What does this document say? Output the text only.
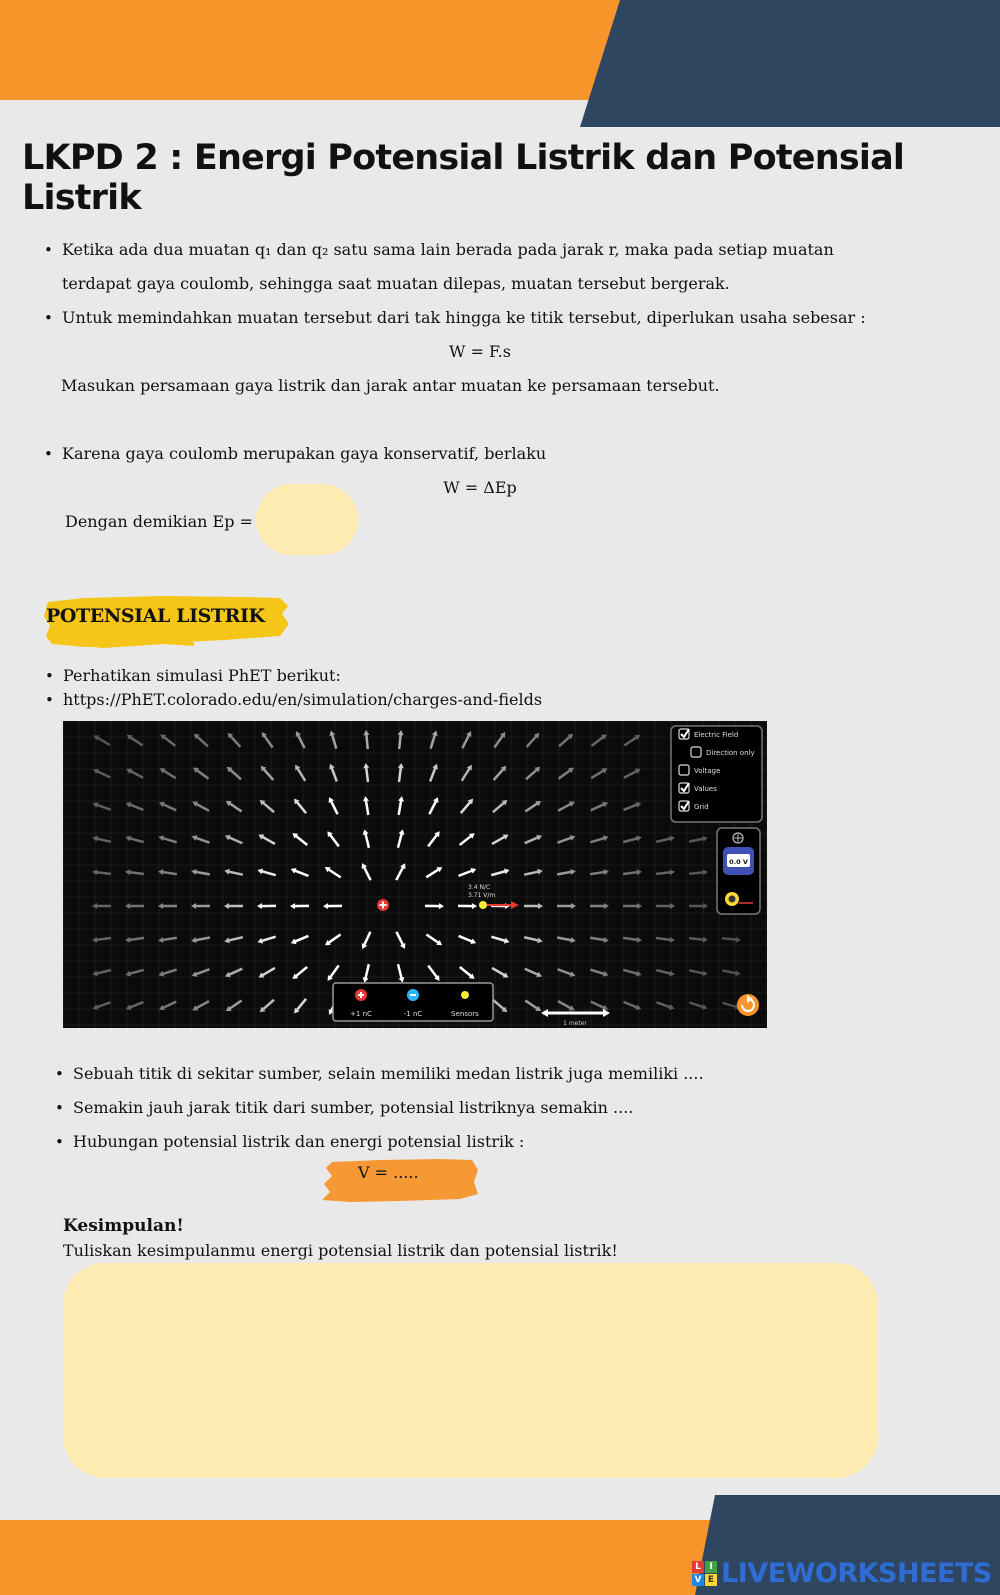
LKPD 2 : Energi Potensial Listrik dan Potensial Listrik
• Ketika ada dua muatan q₁ dan q₂ satu sama lain berada pada jarak r, maka pada setiap muatan
terdapat gaya coulomb, sehingga saat muatan dilepas, muatan tersebut bergerak.
• Untuk memindahkan muatan tersebut dari tak hingga ke titik tersebut, diperlukan usaha sebesar :
W = F.s
Masukan persamaan gaya listrik dan jarak antar muatan ke persamaan tersebut.
• Karena gaya coulomb merupakan gaya konservatif, berlaku
W = ΔEp
Dengan demikian Ep =
POTENSIAL LISTRIK
• Perhatikan simulasi PhET berikut:
• https://PhET.colorado.edu/en/simulation/charges-and-fields
3.4 N/C
3.71 V/m
Electric Field
Direction only
Voltage
Values
Grid
0.0 V
+1 nC	-1 nC	Sensors
1 meter
• Sebuah titik di sekitar sumber, selain memiliki medan listrik juga memiliki ....
• Semakin jauh jarak titik dari sumber, potensial listriknya semakin ....
• Hubungan potensial listrik dan energi potensial listrik :
V = .....
Kesimpulan!
Tuliskan kesimpulanmu energi potensial listrik dan potensial listrik!
L I
V E LIVEWORKSHEETS
